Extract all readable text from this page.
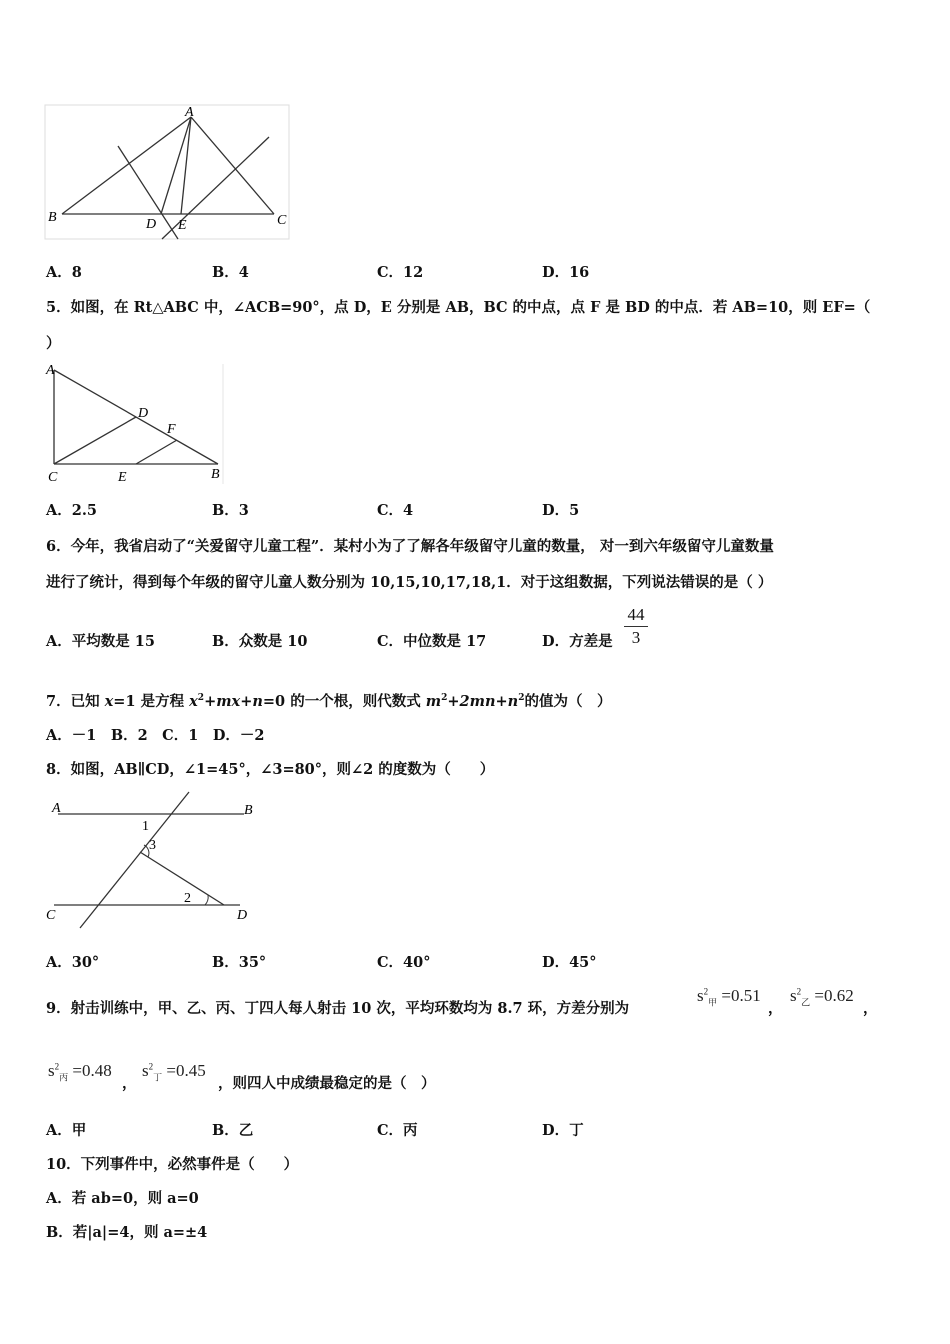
A
B	D E	C
A．8	B．4	C．12	D．16
5．如图，在 Rt△ABC 中，∠ACB=90°，点 D，E 分别是 AB，BC 的中点，点 F 是 BD 的中点．若 AB=10，则 EF=（
）
A
D
F
C	E	B
A．2.5	B．3	C．4	D．5
6．今年，我省启动了“关爱留守儿童工程”．某村小为了了解各年级留守儿童的数量， 对一到六年级留守儿童数量
进行了统计，得到每个年级的留守儿童人数分别为 10,15,10,17,18,1．对于这组数据，下列说法错误的是（ ）
A．平均数是 15	B．众数是 10	C．中位数是 17	D．方差是 $\frac{44}{3}$
7．已知 x=1 是方程 $x^2+mx+n=0$ 的一个根，则代数式 $m^2+2mn+n^2$的值为（　）
A．－1　B．2　C．1　D．－2
8．如图，AB∥CD，∠1=45°，∠3=80°，则∠2 的度数为（　　）
A	B
1
3
2
C	D
A．30°	B．35°	C．40°	D．45°
9．射击训练中，甲、乙、丙、丁四人每人射击 10 次，平均环数均为 8.7 环，方差分别为
$s^2_甲 =0.51$
，
$s^2_乙 =0.62$
，
$s^2_丙 =0.48$
，
$s^2_丁 =0.45$
，则四人中成绩最稳定的是（　）
A．甲	B．乙	C．丙	D．丁
10．下列事件中，必然事件是（　　）
A．若 ab=0，则 a=0
B．若|a|=4，则 a=±4
